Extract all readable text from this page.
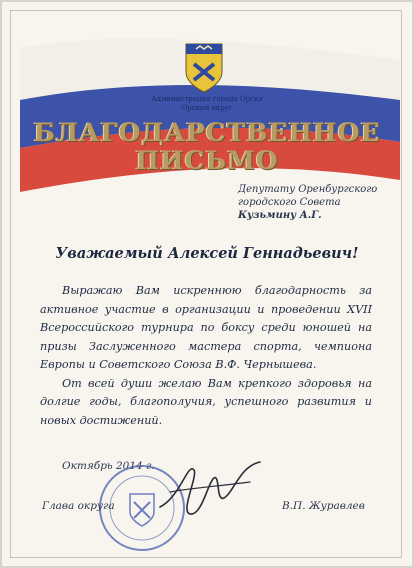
Администрация города Орска
Орский округ
БЛАГОДАРСТВЕННОЕ
ПИСЬМО
Депутату Оренбургского
городского Совета
Кузьмину А.Г.
Уважаемый Алексей Геннадьевич!

Выражаю Вам искреннюю благодарность за активное участие в организации и проведении XVII Всероссийского турнира по боксу среди юношей на призы Заслуженного мастера спорта, чемпиона Европы и Советского Союза В.Ф. Чернышева.

От всей души желаю Вам крепкого здоровья на долгие годы, благополучия, успешного развития и новых достижений.

Октябрь 2014 г.
Глава округа	В.П. Журавлев
